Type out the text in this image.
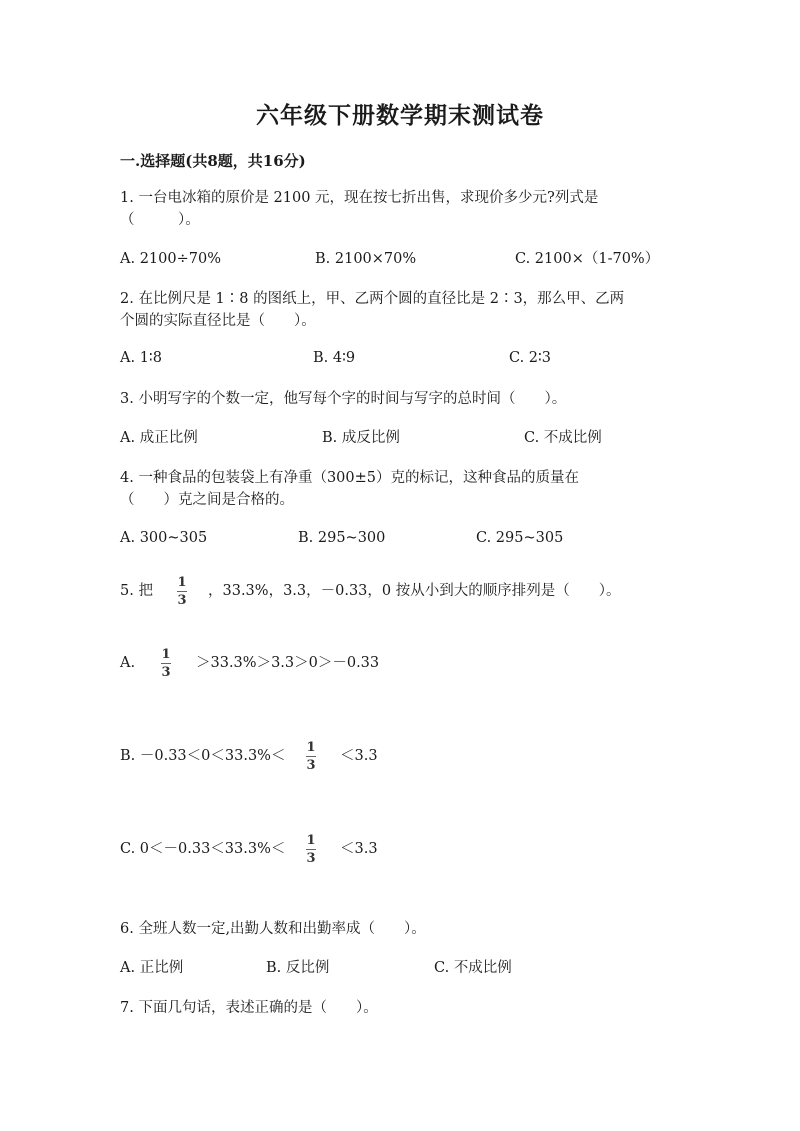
六年级下册数学期末测试卷
一.选择题(共8题，共16分)
1. 一台电冰箱的原价是 2100 元，现在按七折出售，求现价多少元?列式是
（　　　）。
A. 2100÷70%	B. 2100×70%	C. 2100×（1-70%）
2. 在比例尺是 1∶8 的图纸上，甲、乙两个圆的直径比是 2∶3，那么甲、乙两
个圆的实际直径比是（　　）。
A. 1∶8	B. 4∶9	C. 2∶3
3. 小明写字的个数一定，他写每个字的时间与写字的总时间（　　）。
A. 成正比例	B. 成反比例	C. 不成比例
4. 一种食品的包装袋上有净重（300±5）克的标记，这种食品的质量在
（　　）克之间是合格的。
A. 300~305	B. 295~300	C. 295~305
5. 把
1
3
，33.3%，3.3，－0.33，0 按从小到大的顺序排列是（　　）。
A.
1
3
＞33.3%＞3.3＞0＞－0.33
B. －0.33＜0＜33.3%＜
1
3
＜3.3
C. 0＜－0.33＜33.3%＜
1
3
＜3.3
6. 全班人数一定,出勤人数和出勤率成（　　）。
A. 正比例	B. 反比例	C. 不成比例
7. 下面几句话，表述正确的是（　　）。
